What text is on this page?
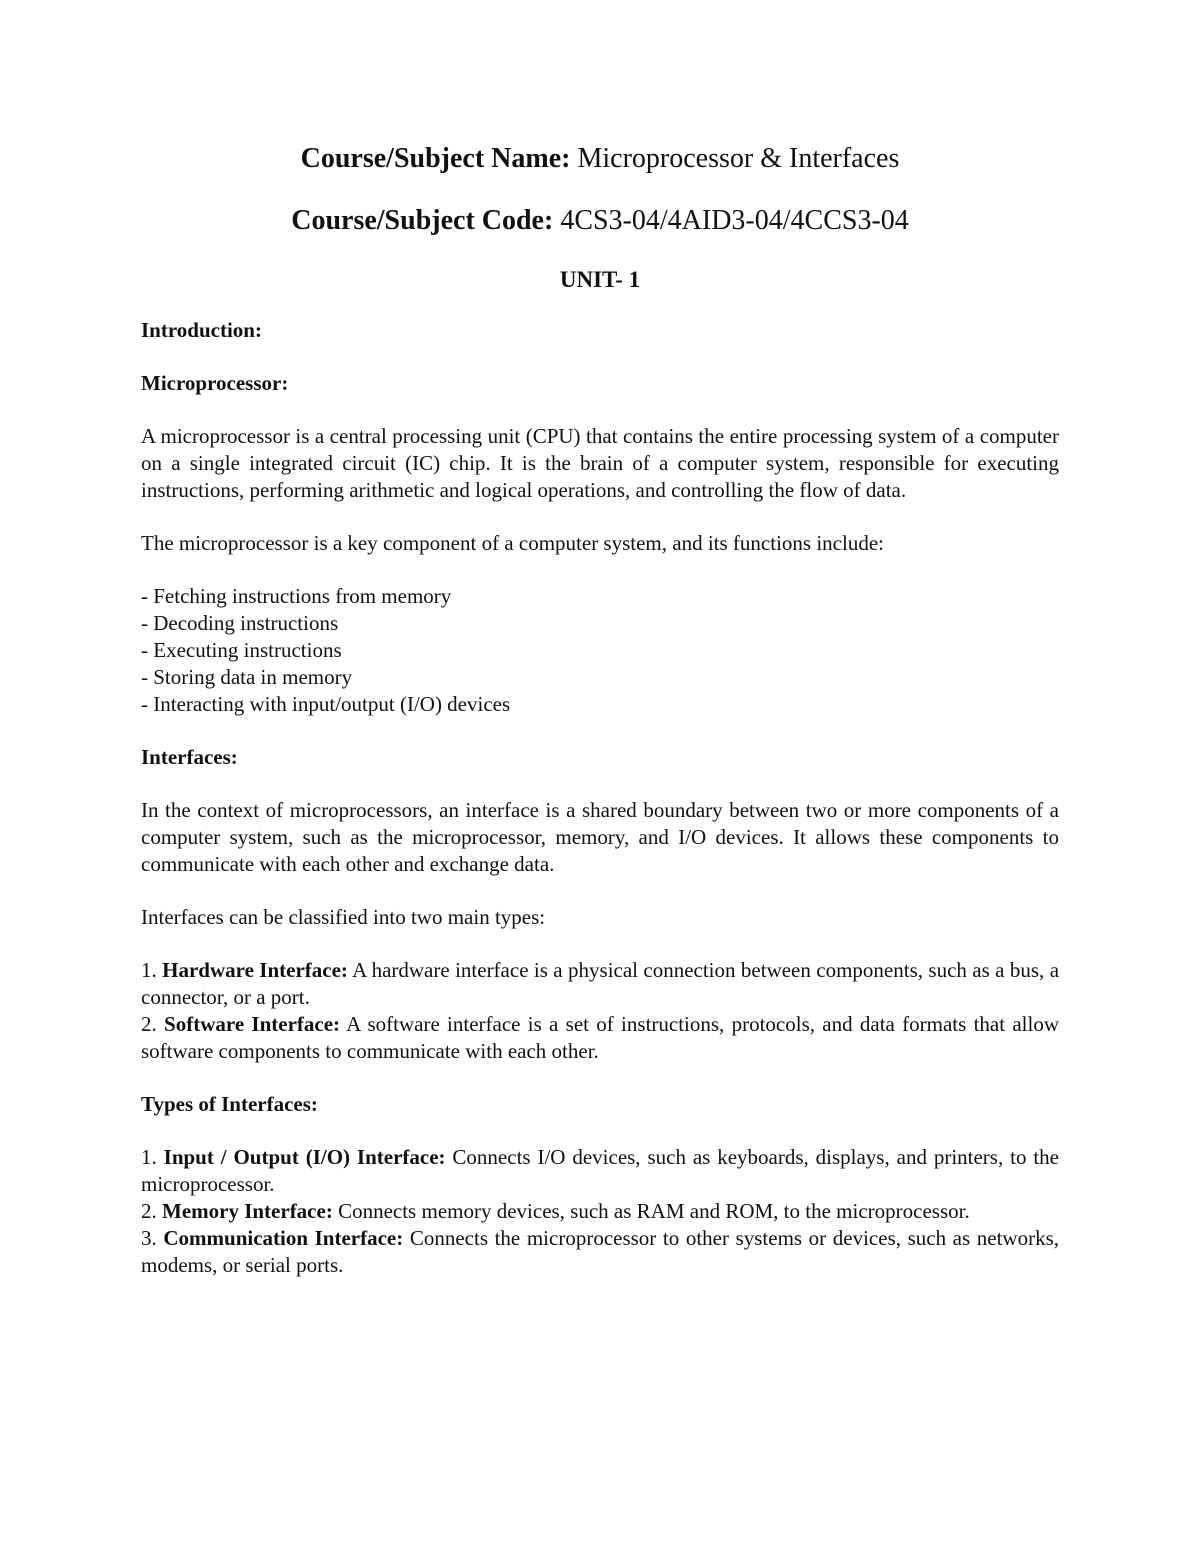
Course/Subject Name: Microprocessor & Interfaces

Course/Subject Code: 4CS3-04/4AID3-04/4CCS3-04

UNIT- 1

Introduction:

Microprocessor:

A microprocessor is a central processing unit (CPU) that contains the entire processing system of a computer on a single integrated circuit (IC) chip. It is the brain of a computer system, responsible for executing instructions, performing arithmetic and logical operations, and controlling the flow of data.

The microprocessor is a key component of a computer system, and its functions include:

- Fetching instructions from memory

- Decoding instructions

- Executing instructions

- Storing data in memory

- Interacting with input/output (I/O) devices

Interfaces:

In the context of microprocessors, an interface is a shared boundary between two or more components of a computer system, such as the microprocessor, memory, and I/O devices. It allows these components to communicate with each other and exchange data.

Interfaces can be classified into two main types:

1. Hardware Interface: A hardware interface is a physical connection between components, such as a bus, a connector, or a port.

2. Software Interface: A software interface is a set of instructions, protocols, and data formats that allow software components to communicate with each other.

Types of Interfaces:

1. Input / Output (I/O) Interface: Connects I/O devices, such as keyboards, displays, and printers, to the microprocessor.

2. Memory Interface: Connects memory devices, such as RAM and ROM, to the microprocessor.

3. Communication Interface: Connects the microprocessor to other systems or devices, such as networks, modems, or serial ports.
